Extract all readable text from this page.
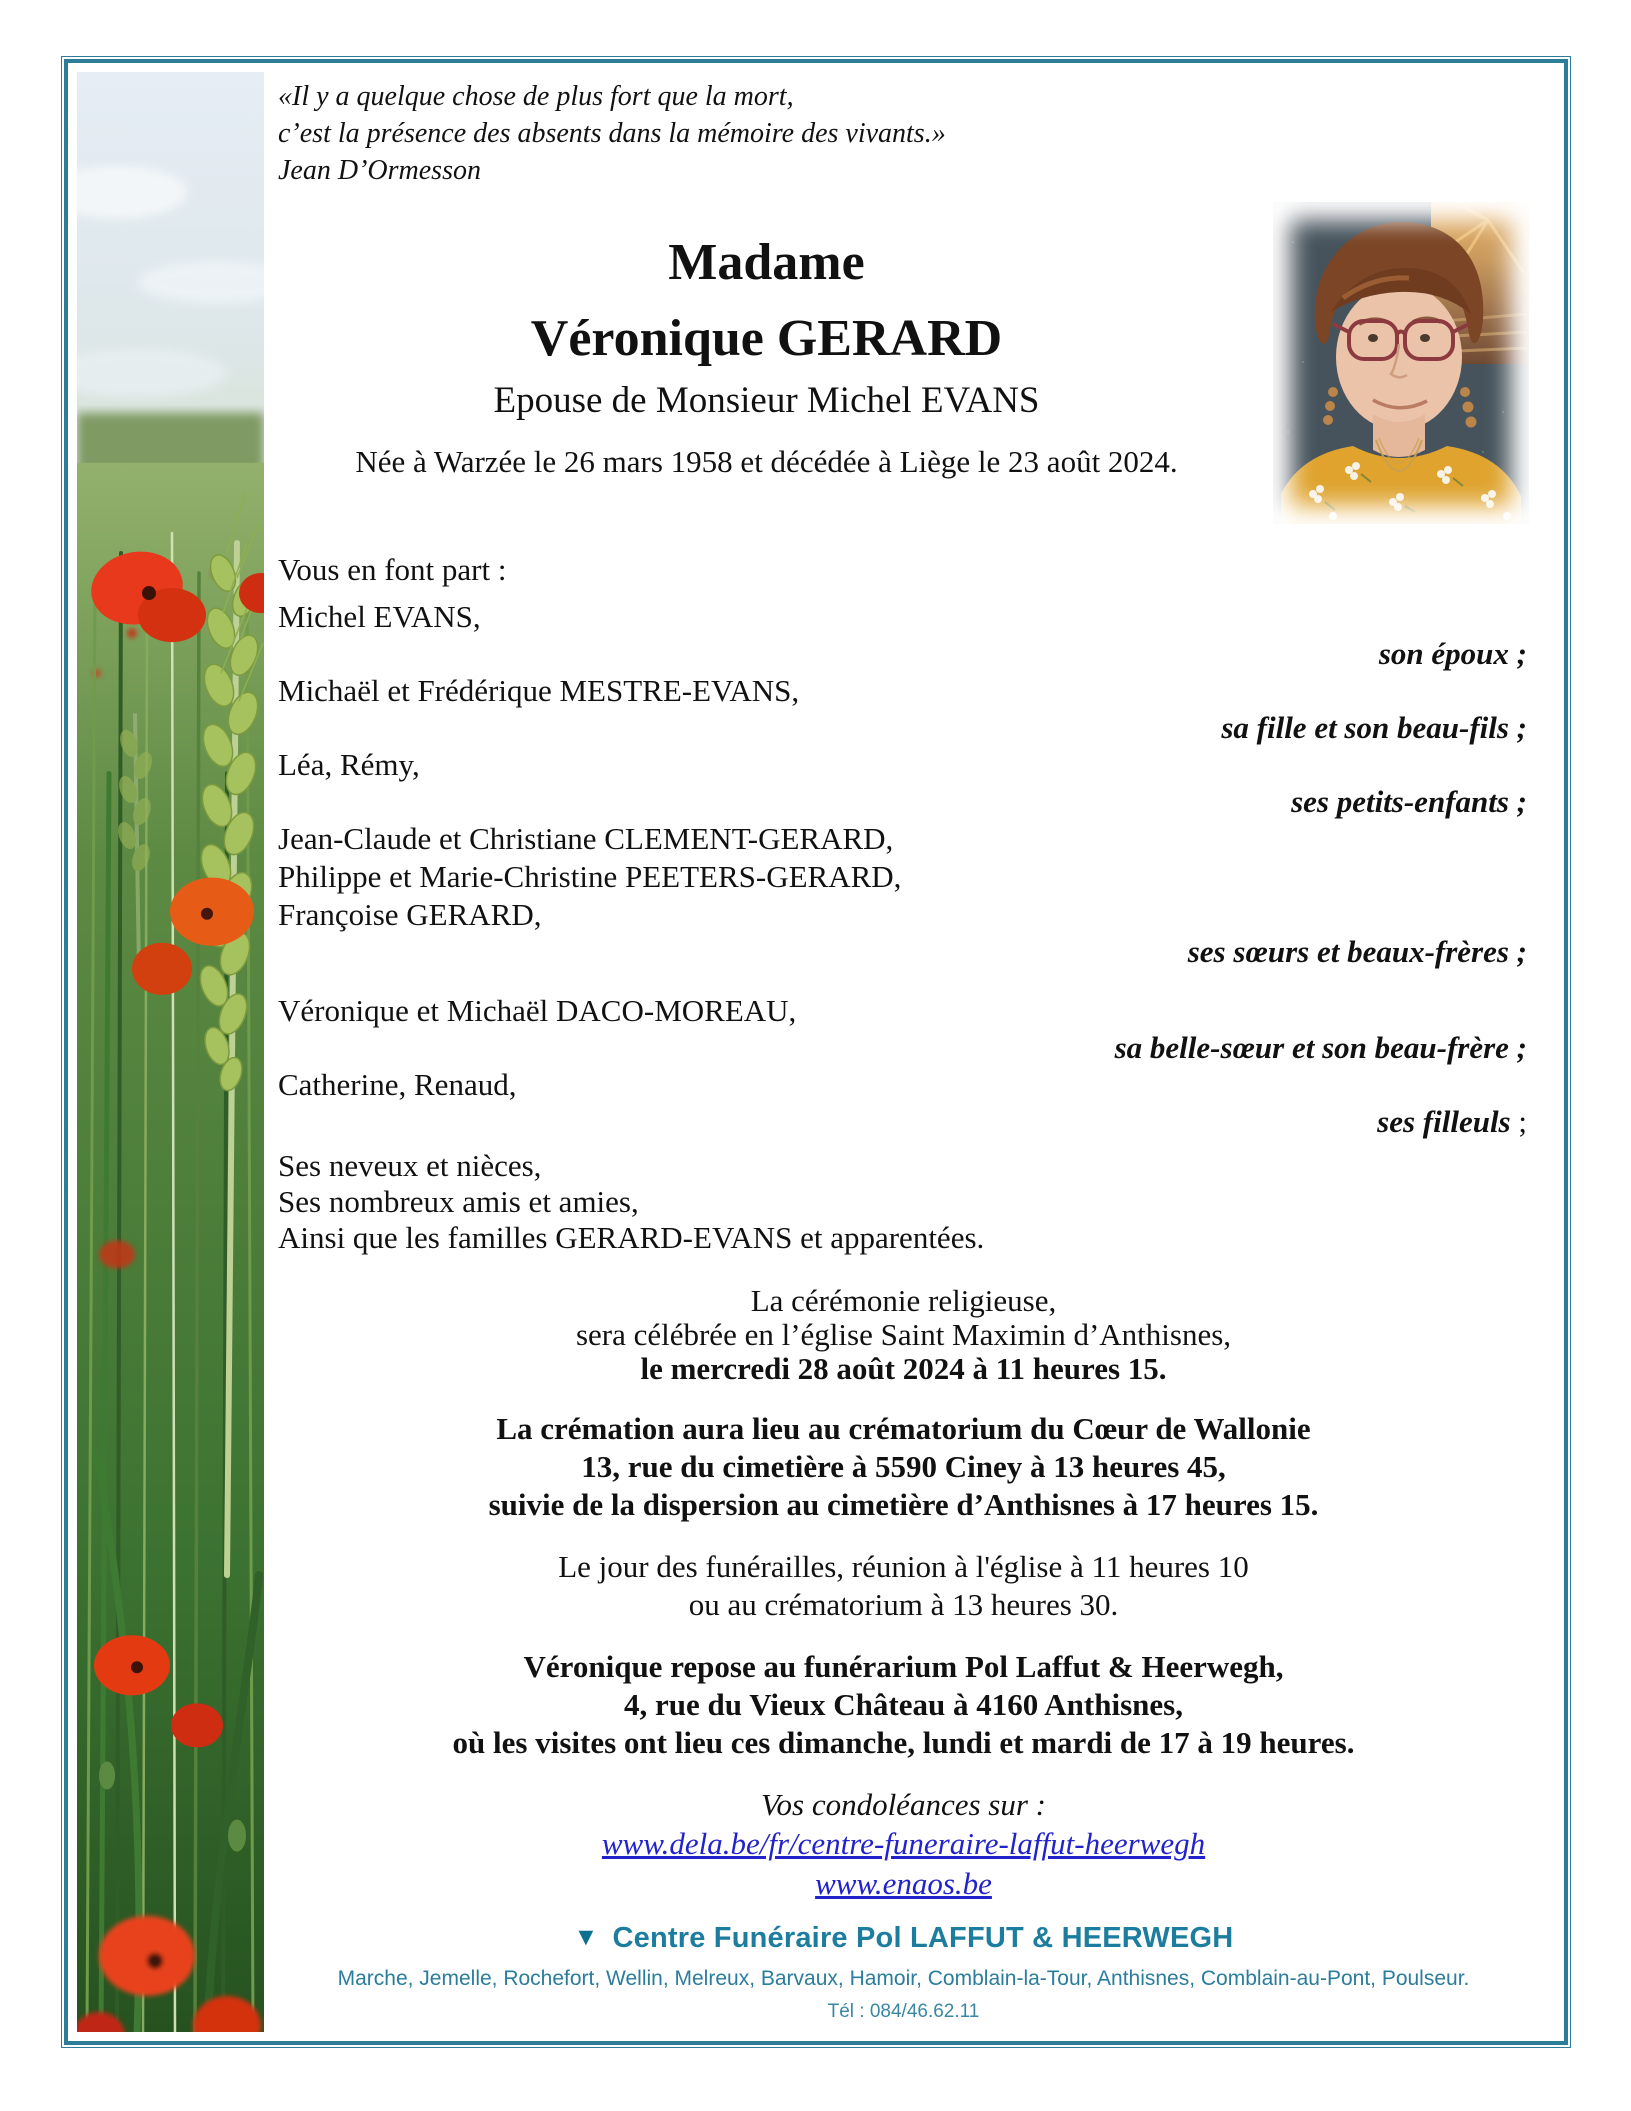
«Il y a quelque chose de plus fort que la mort,
c’est la présence des absents dans la mémoire des vivants.»
Jean D’Ormesson
Madame
Véronique GERARD
Epouse de Monsieur Michel EVANS
Née à Warzée le 26 mars 1958 et décédée à Liège le 23 août 2024.
Vous en font part :
Michel EVANS,
son époux ;
Michaël et Frédérique MESTRE-EVANS,
sa fille et son beau-fils ;
Léa, Rémy,
ses petits-enfants ;
Jean-Claude et Christiane CLEMENT-GERARD,
Philippe et Marie-Christine PEETERS-GERARD,
Françoise GERARD,
ses sœurs et beaux-frères ;
Véronique et Michaël DACO-MOREAU,
sa belle-sœur et son beau-frère ;
Catherine, Renaud,
ses filleuls ;
Ses neveux et nièces,
Ses nombreux amis et amies,
Ainsi que les familles GERARD-EVANS et apparentées.
La cérémonie religieuse,
sera célébrée en l’église Saint Maximin d’Anthisnes,
le mercredi 28 août 2024 à 11 heures 15.
La crémation aura lieu au crématorium du Cœur de Wallonie
13, rue du cimetière à 5590 Ciney à 13 heures 45,
suivie de la dispersion au cimetière d’Anthisnes à 17 heures 15.
Le jour des funérailles, réunion à l'église à 11 heures 10
ou au crématorium à 13 heures 30.
Véronique repose au funérarium Pol Laffut & Heerwegh,
4, rue du Vieux Château à 4160 Anthisnes,
où les visites ont lieu ces dimanche, lundi et mardi de 17 à 19 heures.
Vos condoléances sur :
www.dela.be/fr/centre-funeraire-laffut-heerwegh
www.enaos.be
▼ Centre Funéraire Pol LAFFUT & HEERWEGH
Marche, Jemelle, Rochefort, Wellin, Melreux, Barvaux, Hamoir, Comblain-la-Tour, Anthisnes, Comblain-au-Pont, Poulseur.
Tél : 084/46.62.11
